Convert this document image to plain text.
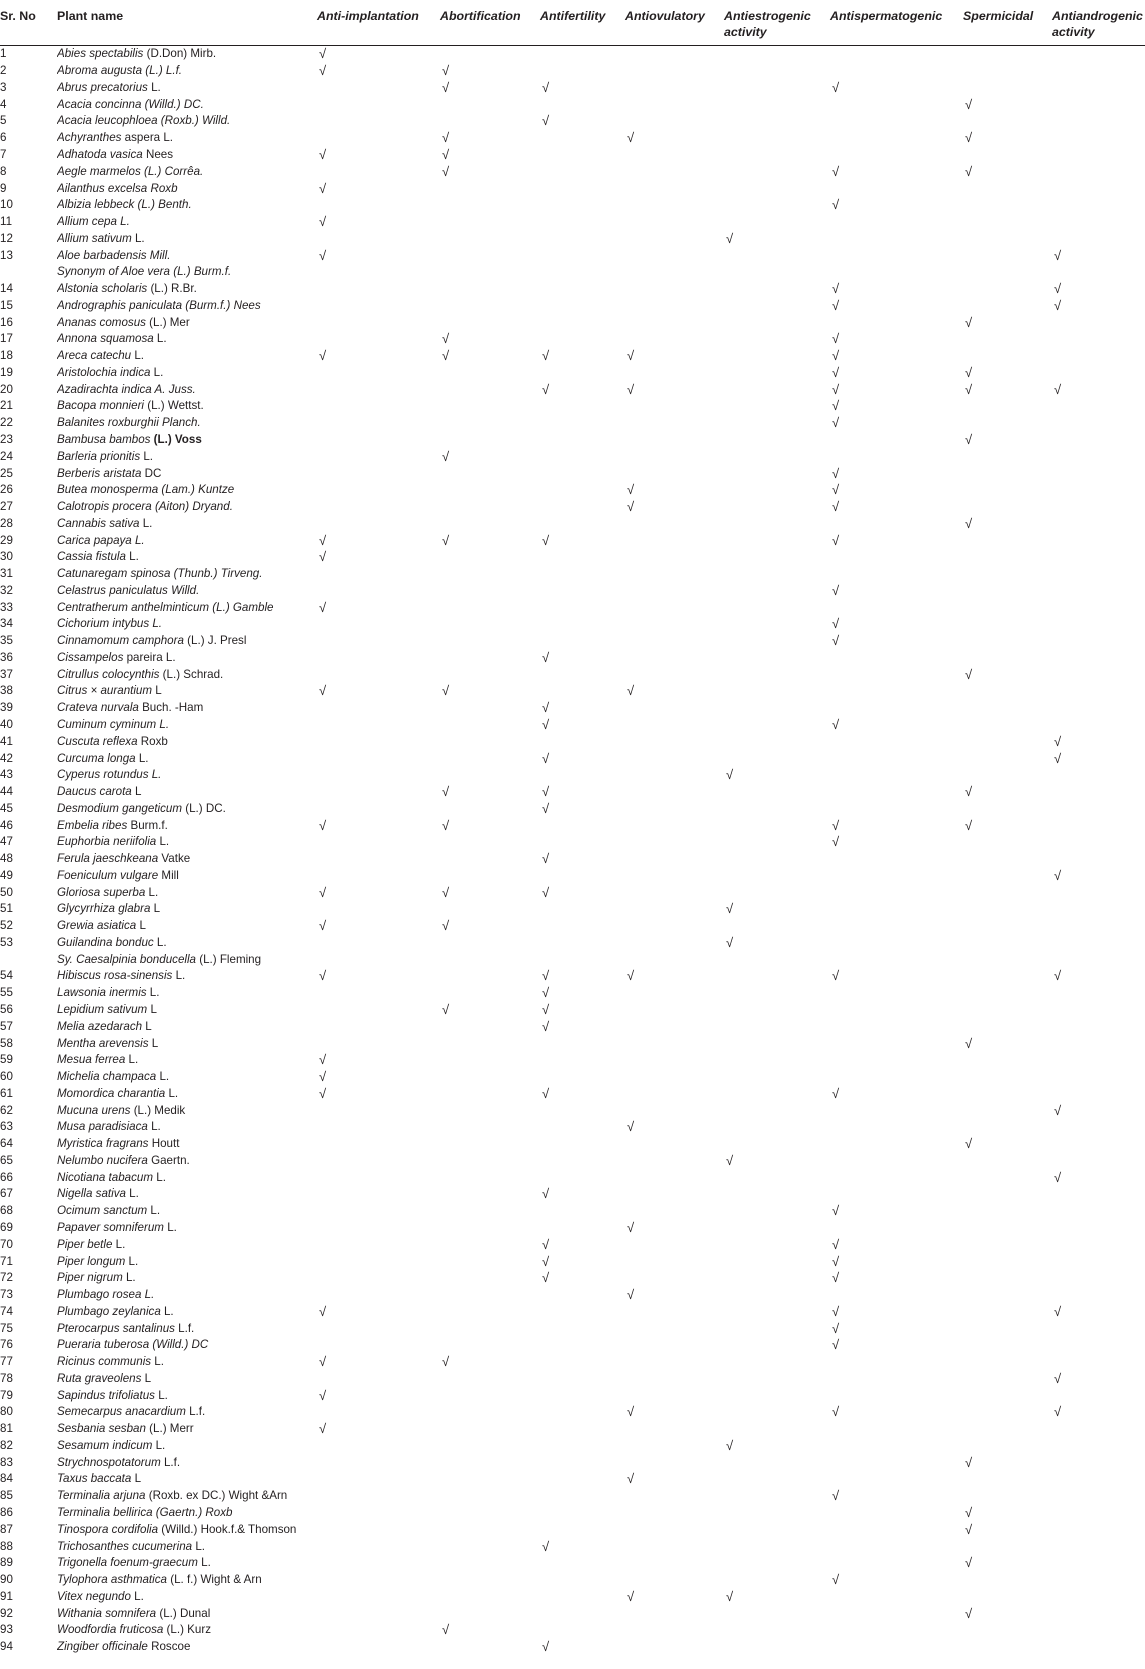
Sr. No	Plant name	Anti-implantation	Abortification	Antifertility	Antiovulatory	Antiestrogenic activity	Antispermatogenic	Spermicidal	Antiandrogenic activity
1	Abies spectabilis (D.Don) Mirb.	√							
2	Abroma augusta (L.) L.f.	√	√						
3	Abrus precatorius L.		√	√			√		
4	Acacia concinna (Willd.) DC.							√	
5	Acacia leucophloea (Roxb.) Willd.			√					
6	Achyranthes aspera L.		√		√			√	
7	Adhatoda vasica Nees	√	√						
8	Aegle marmelos (L.) Corrêa.		√				√	√	
9	Ailanthus excelsa Roxb	√							
10	Albizia lebbeck (L.) Benth.						√		
11	Allium cepa L.	√							
12	Allium sativum L.					√			
13	Aloe barbadensis Mill.	√							√
	Synonym of Aloe vera (L.) Burm.f.								
14	Alstonia scholaris (L.) R.Br.						√		√
15	Andrographis paniculata (Burm.f.) Nees						√		√
16	Ananas comosus (L.) Mer							√	
17	Annona squamosa L.		√				√		
18	Areca catechu L.	√	√	√	√		√		
19	Aristolochia indica L.						√	√	
20	Azadirachta indica A. Juss.			√	√		√	√	√
21	Bacopa monnieri (L.) Wettst.						√		
22	Balanites roxburghii Planch.						√		
23	Bambusa bambos (L.) Voss							√	
24	Barleria prionitis L.		√						
25	Berberis aristata DC						√		
26	Butea monosperma (Lam.) Kuntze				√		√		
27	Calotropis procera (Aiton) Dryand.				√		√		
28	Cannabis sativa L.							√	
29	Carica papaya L.	√	√	√			√		
30	Cassia fistula L.	√							
31	Catunaregam spinosa (Thunb.) Tirveng.								
32	Celastrus paniculatus Willd.						√		
33	Centratherum anthelminticum (L.) Gamble	√							
34	Cichorium intybus L.						√		
35	Cinnamomum camphora (L.) J. Presl						√		
36	Cissampelos pareira L.			√					
37	Citrullus colocynthis (L.) Schrad.							√	
38	Citrus × aurantium L	√	√		√				
39	Crateva nurvala Buch. -Ham			√					
40	Cuminum cyminum L.			√			√		
41	Cuscuta reflexa Roxb								√
42	Curcuma longa L.			√					√
43	Cyperus rotundus L.					√			
44	Daucus carota L		√	√				√	
45	Desmodium gangeticum (L.) DC.			√					
46	Embelia ribes Burm.f.	√	√				√	√	
47	Euphorbia neriifolia L.						√		
48	Ferula jaeschkeana Vatke			√					
49	Foeniculum vulgare Mill								√
50	Gloriosa superba L.	√	√	√					
51	Glycyrrhiza glabra L					√			
52	Grewia asiatica L	√	√						
53	Guilandina bonduc L.					√			
	Sy. Caesalpinia bonducella (L.) Fleming								
54	Hibiscus rosa-sinensis L.	√		√	√		√		√
55	Lawsonia inermis L.			√					
56	Lepidium sativum L		√	√					
57	Melia azedarach L			√					
58	Mentha arevensis L							√	
59	Mesua ferrea L.	√							
60	Michelia champaca L.	√							
61	Momordica charantia L.	√		√			√		
62	Mucuna urens (L.) Medik								√
63	Musa paradisiaca L.				√				
64	Myristica fragrans Houtt							√	
65	Nelumbo nucifera Gaertn.					√			
66	Nicotiana tabacum L.								√
67	Nigella sativa L.			√					
68	Ocimum sanctum L.						√		
69	Papaver somniferum L.				√				
70	Piper betle L.			√			√		
71	Piper longum L.			√			√		
72	Piper nigrum L.			√			√		
73	Plumbago rosea L.				√				
74	Plumbago zeylanica L.	√					√		√
75	Pterocarpus santalinus L.f.						√		
76	Pueraria tuberosa (Willd.) DC						√		
77	Ricinus communis L.	√	√						
78	Ruta graveolens L								√
79	Sapindus trifoliatus L.	√							
80	Semecarpus anacardium L.f.				√		√		√
81	Sesbania sesban (L.) Merr	√							
82	Sesamum indicum L.					√			
83	Strychnospotatorum L.f.							√	
84	Taxus baccata L				√				
85	Terminalia arjuna (Roxb. ex DC.) Wight &Arn						√		
86	Terminalia bellirica (Gaertn.) Roxb							√	
87	Tinospora cordifolia (Willd.) Hook.f.& Thomson							√	
88	Trichosanthes cucumerina L.			√					
89	Trigonella foenum-graecum L.							√	
90	Tylophora asthmatica (L. f.) Wight & Arn						√		
91	Vitex negundo L.				√	√			
92	Withania somnifera (L.) Dunal							√	
93	Woodfordia fruticosa (L.) Kurz		√						
94	Zingiber officinale Roscoe			√					
